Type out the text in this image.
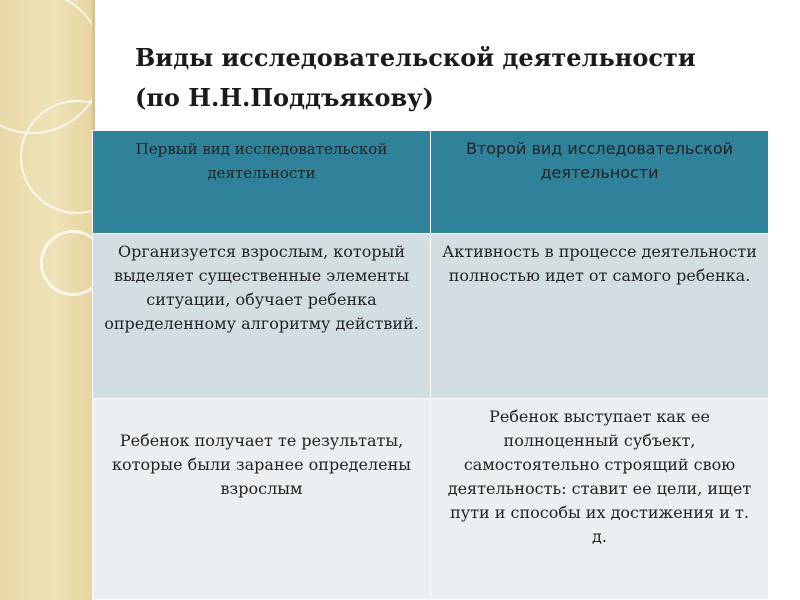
Виды исследовательской деятельности
(по Н.Н.Поддъякову)
Первый вид исследовательской деятельности	Второй вид исследовательской деятельности
Организуется взрослым, который выделяет существенные элементы ситуации, обучает ребенка определенному алгоритму действий.	Активность в процессе деятельности полностью идет от самого ребенка.
Ребенок получает те результаты, которые были заранее определены взрослым	Ребенок выступает как ее полноценный субъект, самостоятельно строящий свою деятельность: ставит ее цели, ищет пути и способы их достижения и т. д.
